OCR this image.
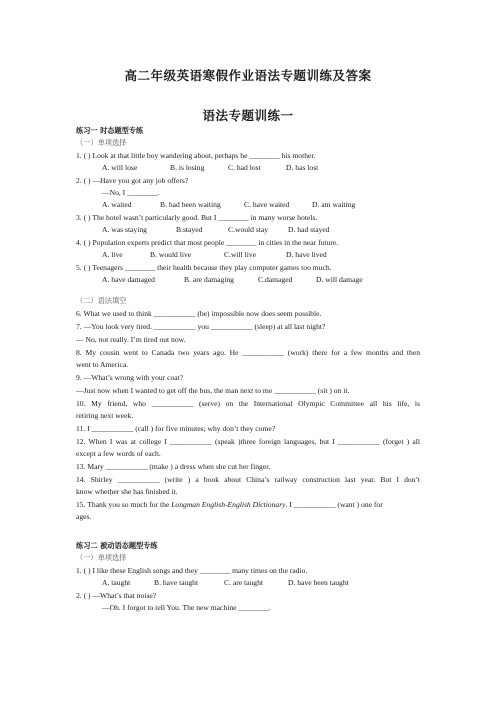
高二年级英语寒假作业语法专题训练及答案
语法专题训练一
练习一 时态题型专练
（一）单项选择
1. ( ) Look at that little boy wandering about, perhaps he ________ his mother.
A. will lose	B. is losing	C. had lost	D. has lost
2. ( ) —Have you got any job offers?
—No, I ________.
A. waited	B. had been waiting	C. have waited	D. am waiting
3. ( ) The hotel wasn’t particularly good. But I ________ in many worse hotels.
A. was staying	B.stayed	C.would stay	D. had stayed
4. ( ) Population experts predict that most people ________ in cities in the near future.
A. live	B. would live	C.will live	D. have lived
5. ( ) Teenagers ________ their health because they play computer games too much.
A. have damaged	B. are damaging	C.damaged	D. will damage
（二）语法填空
6. What we used to think ___________ (be) impossible now does seem possible.
7. —You look very tired. ___________ you ___________ (sleep) at all last night?
— No, not really. I’m tired out now.
8. My cousin went to Canada two years ago. He ___________ (work) there for a few months and then
went to America.
9. —What’s wrong with your coat?
—Just now when I wanted to get off the bus, the man next to me ___________ (sit ) on it.
10. My friend, who ___________ (serve) on the International Olympic Committee all his life, is
retiring next week.
11. I ___________ (call ) for five minutes; why don’t they come?
12. When I was at college I ___________ (speak )three foreign languages, but I ___________ (forget ) all
except a few words of each.
13. Mary ___________ (make ) a dress when she cut her finger.
14. Shirley ___________ (write ) a book about China’s railway construction last year. But I don’t
know whether she has finished it.
15. Thank you so much for the Longman English-English Dictionary. I ___________ (want ) one for
ages.
练习二 被动语态题型专练
（一）单项选择
1. ( ) I like these English songs and they ________ many times on the radio.
A. taught	B. have taught	C. are taught	D. have been taught
2. ( ) —What’s that noise?
—Oh. I forgot to tell You. The new machine ________.
